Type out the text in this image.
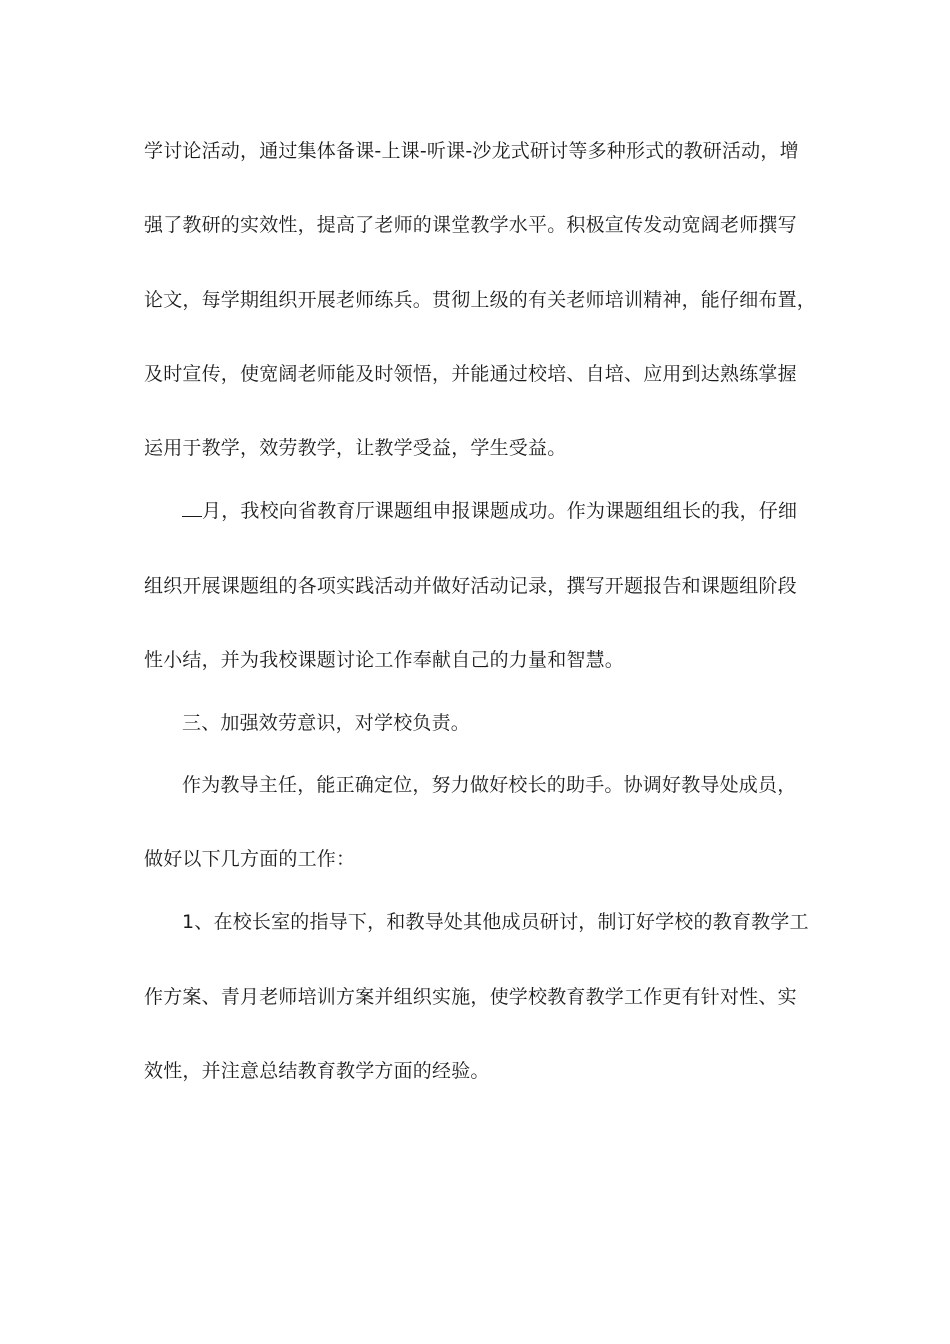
学讨论活动，通过集体备课-上课-听课-沙龙式研讨等多种形式的教研活动，增
强了教研的实效性，提高了老师的课堂教学水平。积极宣传发动宽阔老师撰写
论文，每学期组织开展老师练兵。贯彻上级的有关老师培训精神，能仔细布置，
及时宣传，使宽阔老师能及时领悟，并能通过校培、自培、应用到达熟练掌握
运用于教学，效劳教学，让教学受益，学生受益。
月，我校向省教育厅课题组申报课题成功。作为课题组组长的我，仔细
组织开展课题组的各项实践活动并做好活动记录，撰写开题报告和课题组阶段
性小结，并为我校课题讨论工作奉献自己的力量和智慧。
三、加强效劳意识，对学校负责。
作为教导主任，能正确定位，努力做好校长的助手。协调好教导处成员，
做好以下几方面的工作：
1、在校长室的指导下，和教导处其他成员研讨，制订好学校的教育教学工
作方案、青月老师培训方案并组织实施，使学校教育教学工作更有针对性、实
效性，并注意总结教育教学方面的经验。
